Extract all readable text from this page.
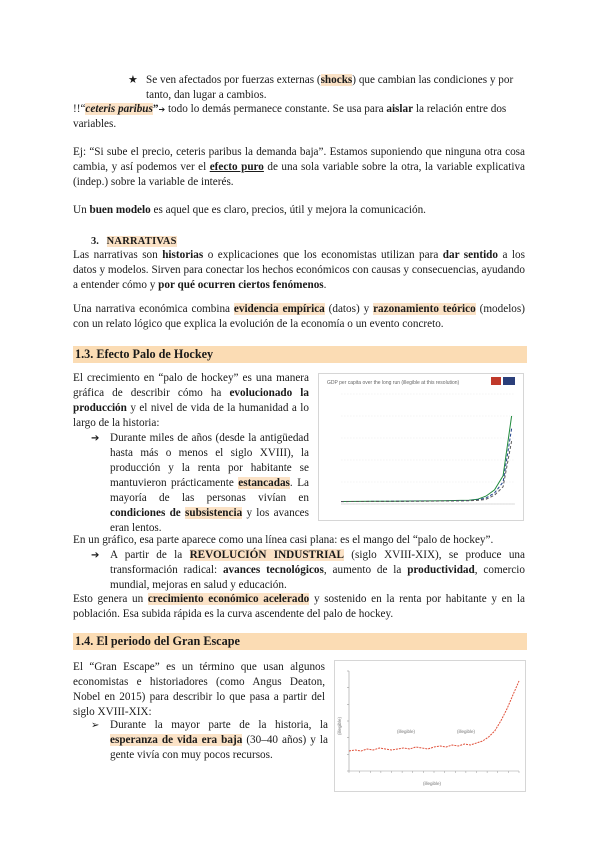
★ Se ven afectados por fuerzas externas (shocks) que cambian las condiciones y por tanto, dan lugar a cambios.
!!“ceteris paribus”➔ todo lo demás permanece constante. Se usa para aislar la relación entre dos variables.
Ej: “Si sube el precio, ceteris paribus la demanda baja”. Estamos suponiendo que ninguna otra cosa cambia, y así podemos ver el efecto puro de una sola variable sobre la otra, la variable explicativa (indep.) sobre la variable de interés.
Un buen modelo es aquel que es claro, precios, útil y mejora la comunicación.
3. NARRATIVAS
Las narrativas son historias o explicaciones que los economistas utilizan para dar sentido a los datos y modelos. Sirven para conectar los hechos económicos con causas y consecuencias, ayudando a entender cómo y por qué ocurren ciertos fenómenos.
Una narrativa económica combina evidencia empírica (datos) y razonamiento teórico (modelos) con un relato lógico que explica la evolución de la economía o un evento concreto.
1.3. Efecto Palo de Hockey
GDP per capita over the long run (illegible at this resolution)
El crecimiento en “palo de hockey” es una manera gráfica de describir cómo ha evolucionado la producción y el nivel de vida de la humanidad a lo largo de la historia:
➔ Durante miles de años (desde la antigüedad hasta más o menos el siglo XVIII), la producción y la renta por habitante se mantuvieron prácticamente estancadas. La mayoría de las personas vivían en condiciones de subsistencia y los avances eran lentos.
En un gráfico, esa parte aparece como una línea casi plana: es el mango del “palo de hockey”.
➔ A partir de la REVOLUCIÓN INDUSTRIAL (siglo XVIII-XIX), se produce una transformación radical: avances tecnológicos, aumento de la productividad, comercio mundial, mejoras en salud y educación.
Esto genera un crecimiento económico acelerado y sostenido en la renta por habitante y en la población. Esa subida rápida es la curva ascendente del palo de hockey.
1.4. El periodo del Gran Escape
(illegible)	(illegible)
(illegible)
(illegible)
El “Gran Escape” es un término que usan algunos economistas e historiadores (como Angus Deaton, Nobel en 2015) para describir lo que pasa a partir del siglo XVIII-XIX:
➢ Durante la mayor parte de la historia, la esperanza de vida era baja (30–40 años) y la gente vivía con muy pocos recursos.
